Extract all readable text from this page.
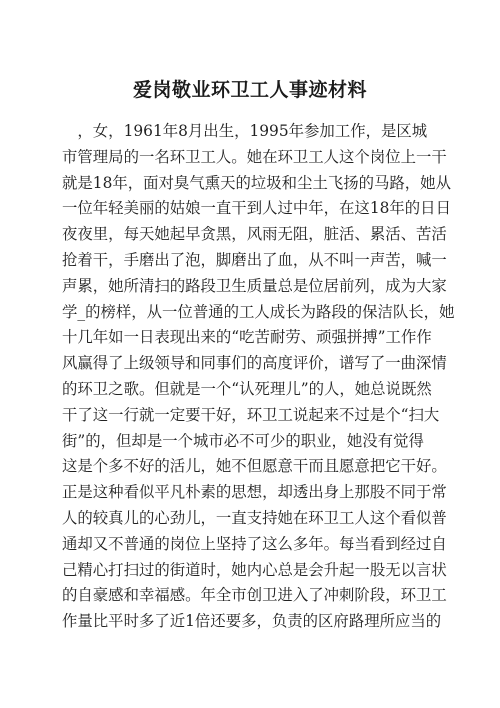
爱岗敬业环卫工人事迹材料
　，女，1961年8月出生，1995年参加工作，是区城
市管理局的一名环卫工人。她在环卫工人这个岗位上一干
就是18年，面对臭气熏天的垃圾和尘土飞扬的马路，她从
一位年轻美丽的姑娘一直干到人过中年，在这18年的日日
夜夜里，每天她起早贪黑，风雨无阻，脏活、累活、苦活
抢着干，手磨出了泡，脚磨出了血，从不叫一声苦，喊一
声累，她所清扫的路段卫生质量总是位居前列，成为大家
学_的榜样，从一位普通的工人成长为路段的保洁队长，她
十几年如一日表现出来的“吃苦耐劳、顽强拼搏”工作作
风赢得了上级领导和同事们的高度评价，谱写了一曲深情
的环卫之歌。但就是一个“认死理儿”的人，她总说既然
干了这一行就一定要干好，环卫工说起来不过是个“扫大
街”的，但却是一个城市必不可少的职业，她没有觉得
这是个多不好的活儿，她不但愿意干而且愿意把它干好。
正是这种看似平凡朴素的思想，却透出身上那股不同于常
人的较真儿的心劲儿，一直支持她在环卫工人这个看似普
通却又不普通的岗位上坚持了这么多年。每当看到经过自
己精心打扫过的街道时，她内心总是会升起一股无以言状
的自豪感和幸福感。年全市创卫进入了冲刺阶段，环卫工
作量比平时多了近1倍还要多，负责的区府路理所应当的
